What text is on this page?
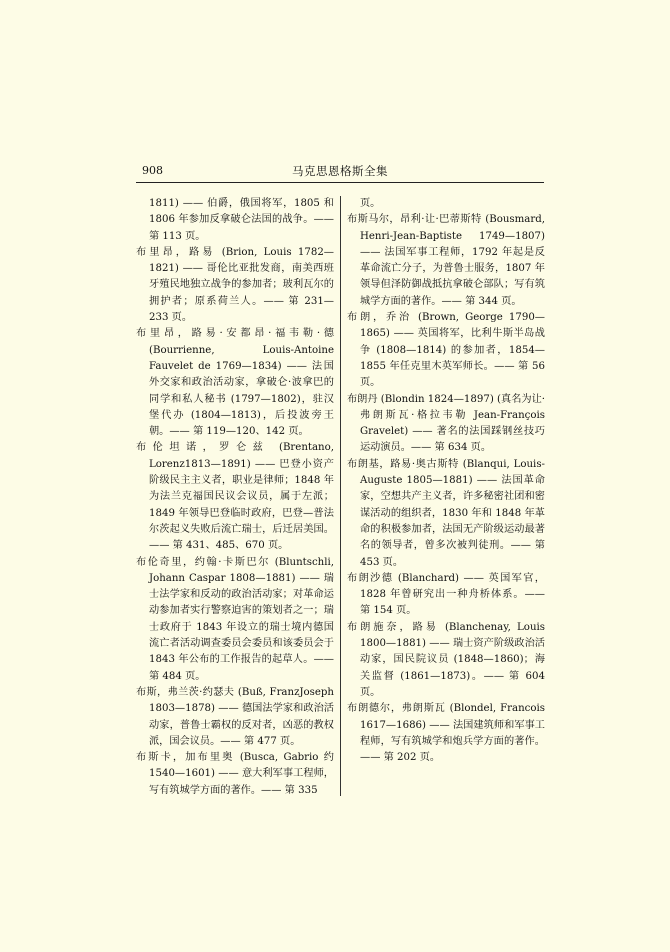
908	马克思恩格斯全集

1811) —— 伯爵，俄国将军，1805 和 1806 年参加反拿破仑法国的战争。—— 第 113 页。

布里昂，路易 (Brion, Louis 1782—1821) —— 哥伦比亚批发商，南美西班牙殖民地独立战争的参加者；玻利瓦尔的拥护者；原系荷兰人。—— 第 231—233 页。

布里昂，路易·安都昂·福韦勒·德 (Bourrienne, Louis-Antoine Fauvelet de 1769—1834) —— 法国外交家和政治活动家，拿破仑·波拿巴的同学和私人秘书 (1797—1802)，驻汉堡代办 (1804—1813)，后投波旁王朝。—— 第 119—120、142 页。

布伦坦诺，罗仑兹 (Brentano, Lorenz1813—1891) —— 巴登小资产阶级民主主义者，职业是律师；1848 年为法兰克福国民议会议员，属于左派；1849 年领导巴登临时政府，巴登—普法尔茨起义失败后流亡瑞士，后迁居美国。—— 第 431、485、670 页。

布伦奇里，约翰·卡斯巴尔 (Bluntschli, Johann Caspar 1808—1881) —— 瑞士法学家和反动的政治活动家；对革命运动参加者实行警察迫害的策划者之一；瑞士政府于 1843 年设立的瑞士境内德国流亡者活动调查委员会委员和该委员会于 1843 年公布的工作报告的起草人。—— 第 484 页。

布斯，弗兰茨·约瑟夫 (Buß, FranzJoseph 1803—1878) —— 德国法学家和政治活动家，普鲁士霸权的反对者，凶恶的教权派，国会议员。—— 第 477 页。

布斯卡，加布里奥 (Busca, Gabrio 约 1540—1601) —— 意大利军事工程师，写有筑城学方面的著作。—— 第 335

页。

布斯马尔，昂利·让·巴蒂斯特 (Bousmard, Henri-Jean-Baptiste 1749—1807) —— 法国军事工程师，1792 年起是反革命流亡分子，为普鲁士服务，1807 年领导但泽防御战抵抗拿破仑部队；写有筑城学方面的著作。—— 第 344 页。

布朗，乔治 (Brown, George 1790—1865) —— 英国将军，比利牛斯半岛战争 (1808—1814) 的参加者，1854—1855 年任克里木英军师长。—— 第 56 页。

布朗丹 (Blondin 1824—1897) (真名为让·弗朗斯瓦·格拉韦勒 Jean-François Gravelet) —— 著名的法国踩钢丝技巧运动演员。—— 第 634 页。

布朗基，路易·奥古斯特 (Blanqui, Louis-Auguste 1805—1881) —— 法国革命家，空想共产主义者，许多秘密社团和密谋活动的组织者，1830 年和 1848 年革命的积极参加者，法国无产阶级运动最著名的领导者，曾多次被判徒刑。—— 第 453 页。

布朗沙德 (Blanchard) —— 英国军官，1828 年曾研究出一种舟桥体系。—— 第 154 页。

布朗施奈，路易 (Blanchenay, Louis 1800—1881) —— 瑞士资产阶级政治活动家，国民院议员 (1848—1860)；海关监督 (1861—1873)。—— 第 604 页。

布朗德尔，弗朗斯瓦 (Blondel, Francois 1617—1686) —— 法国建筑师和军事工程师，写有筑城学和炮兵学方面的著作。—— 第 202 页。
